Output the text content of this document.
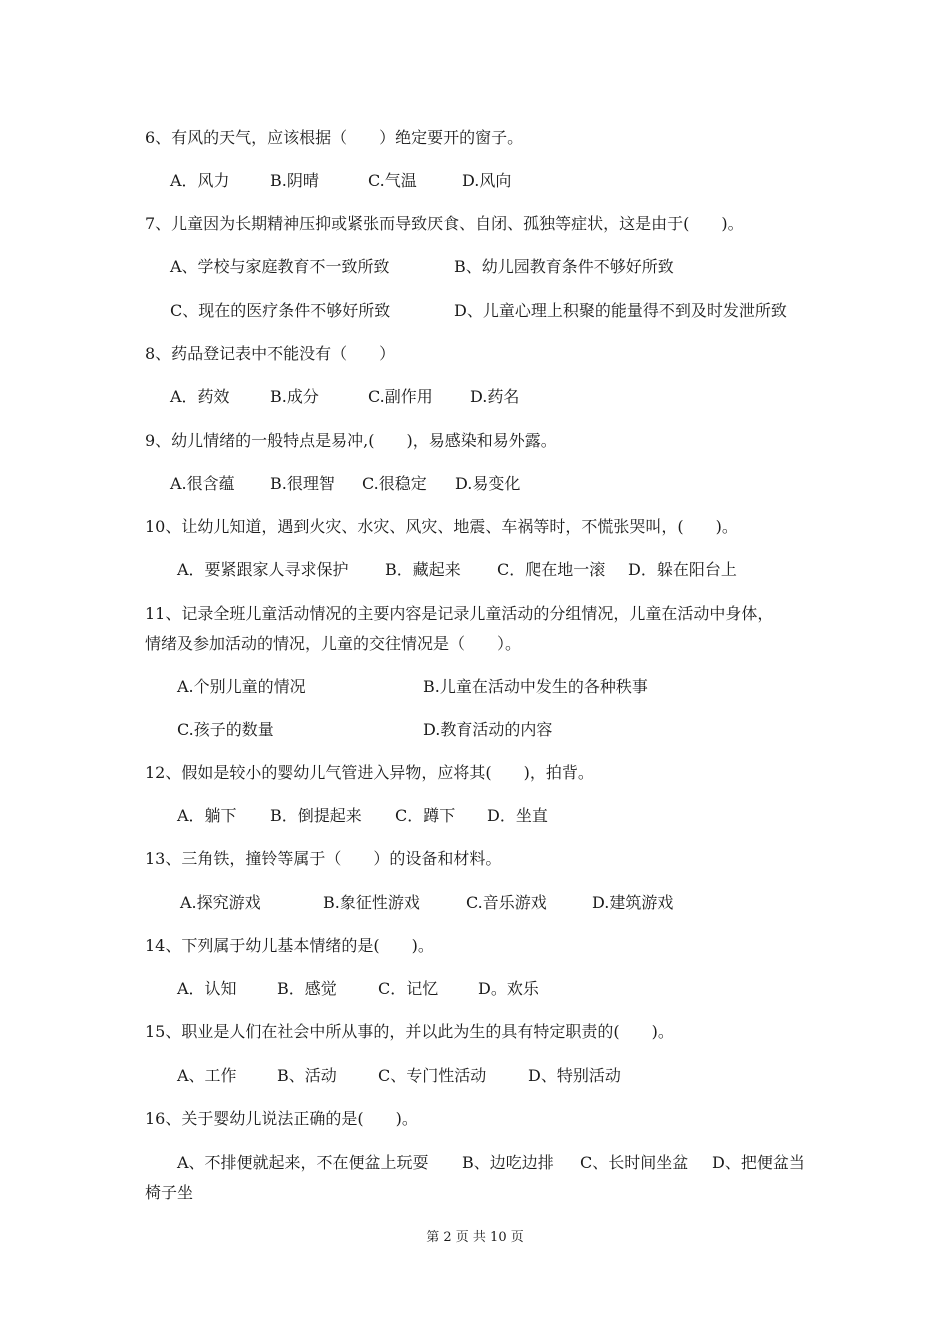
6、有风的天气，应该根据（　　）绝定要开的窗子。

A．风力

	B.阴晴

	C.气温

	D.风向

7、儿童因为长期精神压抑或紧张而导致厌食、自闭、孤独等症状，这是由于(　　)。

A、学校与家庭教育不一致所致

	B、幼儿园教育条件不够好所致

C、现在的医疗条件不够好所致

	D、儿童心理上积聚的能量得不到及时发泄所致

8、药品登记表中不能没有（　　）

A．药效

	B.成分

	C.副作用

D.药名

9、幼儿情绪的一般特点是易冲,(　　)，易感染和易外露。

A.很含蕴

B.很理智

C.很稳定

D.易变化

10、让幼儿知道，遇到火灾、水灾、风灾、地震、车祸等时，不慌张哭叫，(　　)。

A．要紧跟家人寻求保护

B．藏起来

C．爬在地一滚

D．躲在阳台上

11、记录全班儿童活动情况的主要内容是记录儿童活动的分组情况，儿童在活动中身体，
情绪及参加活动的情况，儿童的交往情况是（　　）。

A.个别儿童的情况

	B.儿童在活动中发生的各种秩事

C.孩子的数量

	D.教育活动的内容

12、假如是较小的婴幼儿气管进入异物，应将其(　　)，拍背。

A．躺下

B．倒提起来

C．蹲下

D．坐直

13、三角铁，撞铃等属于（　　）的设备和材料。

A.探究游戏

	B.象征性游戏

	C.音乐游戏

	D.建筑游戏

14、下列属于幼儿基本情绪的是(　　)。

A．认知

	B．感觉

	C．记忆

D。欢乐

15、职业是人们在社会中所从事的，并以此为生的具有特定职责的(　　)。

A、工作

	B、活动

	C、专门性活动

	D、特别活动

16、关于婴幼儿说法正确的是(　　)。

A、不排便就起来，不在便盆上玩耍

B、边吃边排

C、长时间坐盆

D、把便盆当

椅子坐
第 2 页 共 10 页
